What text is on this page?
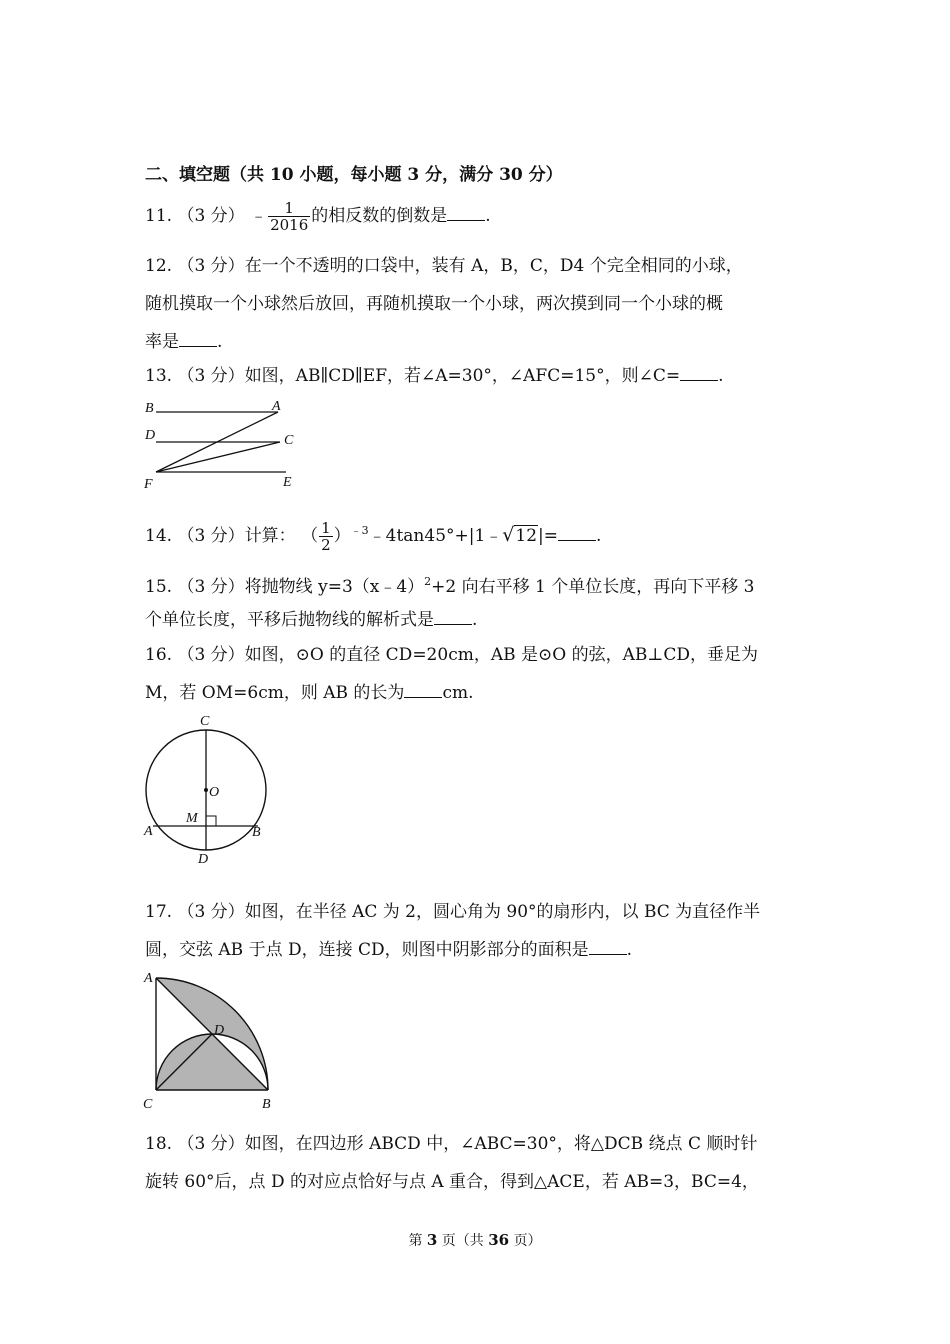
二、填空题（共 10 小题，每小题 3 分，满分 30 分）
11. （3 分） ﹣ $\frac{1}{2016}$ 的相反数的倒数是 .
12. （3 分）在一个不透明的口袋中，装有 A，B，C，D4 个完全相同的小球，
随机摸取一个小球然后放回，再随机摸取一个小球，两次摸到同一个小球的概
率是 .
13. （3 分）如图，AB∥CD∥EF，若∠A=30°，∠AFC=15°，则∠C= .
B	A
D	C
F	E
14. （3 分）计算： （ $\frac{1}{2}$ ）$^{﹣3}$﹣4tan45°+|1﹣√12|= .
15. （3 分）将抛物线 y=3（x﹣4）$^2$+2 向右平移 1 个单位长度，再向下平移 3
个单位长度，平移后抛物线的解析式是 .
16. （3 分）如图，⊙O 的直径 CD=20cm，AB 是⊙O 的弦，AB⊥CD，垂足为
M，若 OM=6cm，则 AB 的长为 cm.
C
O
M
A	B
D
17. （3 分）如图，在半径 AC 为 2，圆心角为 90°的扇形内，以 BC 为直径作半
圆，交弦 AB 于点 D，连接 CD，则图中阴影部分的面积是 .
A
D
C	B
18. （3 分）如图，在四边形 ABCD 中，∠ABC=30°，将△DCB 绕点 C 顺时针
旋转 60°后，点 D 的对应点恰好与点 A 重合，得到△ACE，若 AB=3，BC=4，
第 3 页（共 36 页）
